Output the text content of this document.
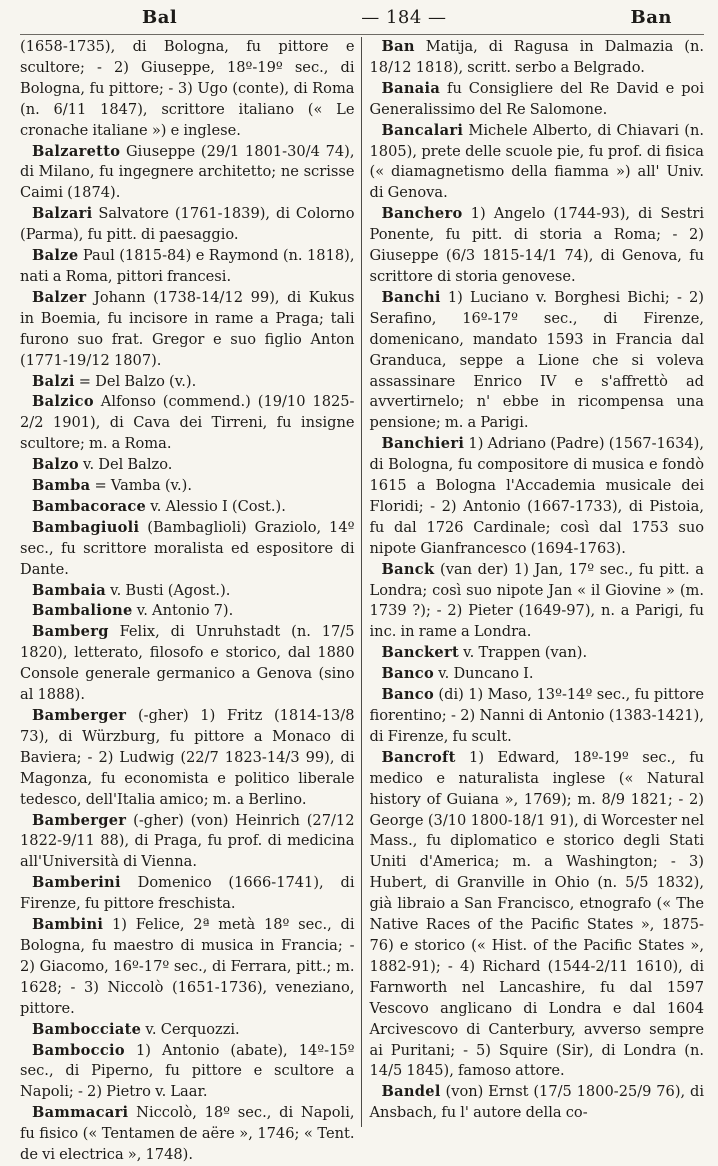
Bal	— 184 —	Ban

(1658-1735), di Bologna, fu pittore e scultore; - 2) Giuseppe, 18º-19º sec., di Bologna, fu pittore; - 3) Ugo (conte), di Roma (n. 6/11 1847), scrittore italiano (« Le cronache italiane ») e inglese.

Balzaretto Giuseppe (29/1 1801-30/4 74), di Milano, fu ingegnere architetto; ne scrisse Caimi (1874).

Balzari Salvatore (1761-1839), di Colorno (Parma), fu pitt. di paesaggio.

Balze Paul (1815-84) e Raymond (n. 1818), nati a Roma, pittori francesi.

Balzer Johann (1738-14/12 99), di Kukus in Boemia, fu incisore in rame a Praga; tali furono suo frat. Gregor e suo figlio Anton (1771-19/12 1807).

Balzi = Del Balzo (v.).

Balzico Alfonso (commend.) (19/10 1825-2/2 1901), di Cava dei Tirreni, fu insigne scultore; m. a Roma.

Balzo v. Del Balzo.

Bamba = Vamba (v.).

Bambacorace v. Alessio I (Cost.).

Bambagiuoli (Bambaglioli) Graziolo, 14º sec., fu scrittore moralista ed espositore di Dante.

Bambaia v. Busti (Agost.).

Bambalione v. Antonio 7).

Bamberg Felix, di Unruhstadt (n. 17/5 1820), letterato, filosofo e storico, dal 1880 Console generale germanico a Genova (sino al 1888).

Bamberger (-gher) 1) Fritz (1814-13/8 73), di Würzburg, fu pittore a Monaco di Baviera; - 2) Ludwig (22/7 1823-14/3 99), di Magonza, fu economista e politico liberale tedesco, dell'Italia amico; m. a Berlino.

Bamberger (-gher) (von) Heinrich (27/12 1822-9/11 88), di Praga, fu prof. di medicina all'Università di Vienna.

Bamberini Domenico (1666-1741), di Firenze, fu pittore freschista.

Bambini 1) Felice, 2ª metà 18º sec., di Bologna, fu maestro di musica in Francia; - 2) Giacomo, 16º-17º sec., di Ferrara, pitt.; m. 1628; - 3) Niccolò (1651-1736), veneziano, pittore.

Bambocciate v. Cerquozzi.

Bamboccio 1) Antonio (abate), 14º-15º sec., di Piperno, fu pittore e scultore a Napoli; - 2) Pietro v. Laar.

Bammacari Niccolò, 18º sec., di Napoli, fu fisico (« Tentamen de aëre », 1746; « Tent. de vi electrica », 1748).

Ban Matija, di Ragusa in Dalmazia (n. 18/12 1818), scritt. serbo a Belgrado.

Banaia fu Consigliere del Re David e poi Generalissimo del Re Salomone.

Bancalari Michele Alberto, di Chiavari (n. 1805), prete delle scuole pie, fu prof. di fisica (« diamagnetismo della fiamma ») all' Univ. di Genova.

Banchero 1) Angelo (1744-93), di Sestri Ponente, fu pitt. di storia a Roma; - 2) Giuseppe (6/3 1815-14/1 74), di Genova, fu scrittore di storia genovese.

Banchi 1) Luciano v. Borghesi Bichi; - 2) Serafino, 16º-17º sec., di Firenze, domenicano, mandato 1593 in Francia dal Granduca, seppe a Lione che si voleva assassinare Enrico IV e s'affrettò ad avvertirnelo; n' ebbe in ricompensa una pensione; m. a Parigi.

Banchieri 1) Adriano (Padre) (1567-1634), di Bologna, fu compositore di musica e fondò 1615 a Bologna l'Accademia musicale dei Floridi; - 2) Antonio (1667-1733), di Pistoia, fu dal 1726 Cardinale; così dal 1753 suo nipote Gianfrancesco (1694-1763).

Banck (van der) 1) Jan, 17º sec., fu pitt. a Londra; così suo nipote Jan « il Giovine » (m. 1739 ?); - 2) Pieter (1649-97), n. a Parigi, fu inc. in rame a Londra.

Banckert v. Trappen (van).

Banco v. Duncano I.

Banco (di) 1) Maso, 13º-14º sec., fu pittore fiorentino; - 2) Nanni di Antonio (1383-1421), di Firenze, fu scult.

Bancroft 1) Edward, 18º-19º sec., fu medico e naturalista inglese (« Natural history of Guiana », 1769); m. 8/9 1821; - 2) George (3/10 1800-18/1 91), di Worcester nel Mass., fu diplomatico e storico degli Stati Uniti d'America; m. a Washington; - 3) Hubert, di Granville in Ohio (n. 5/5 1832), già libraio a San Francisco, etnografo (« The Native Races of the Pacific States », 1875-76) e storico (« Hist. of the Pacific States », 1882-91); - 4) Richard (1544-2/11 1610), di Farnworth nel Lancashire, fu dal 1597 Vescovo anglicano di Londra e dal 1604 Arcivescovo di Canterbury, avverso sempre ai Puritani; - 5) Squire (Sir), di Londra (n. 14/5 1845), famoso attore.

Bandel (von) Ernst (17/5 1800-25/9 76), di Ansbach, fu l' autore della co-
